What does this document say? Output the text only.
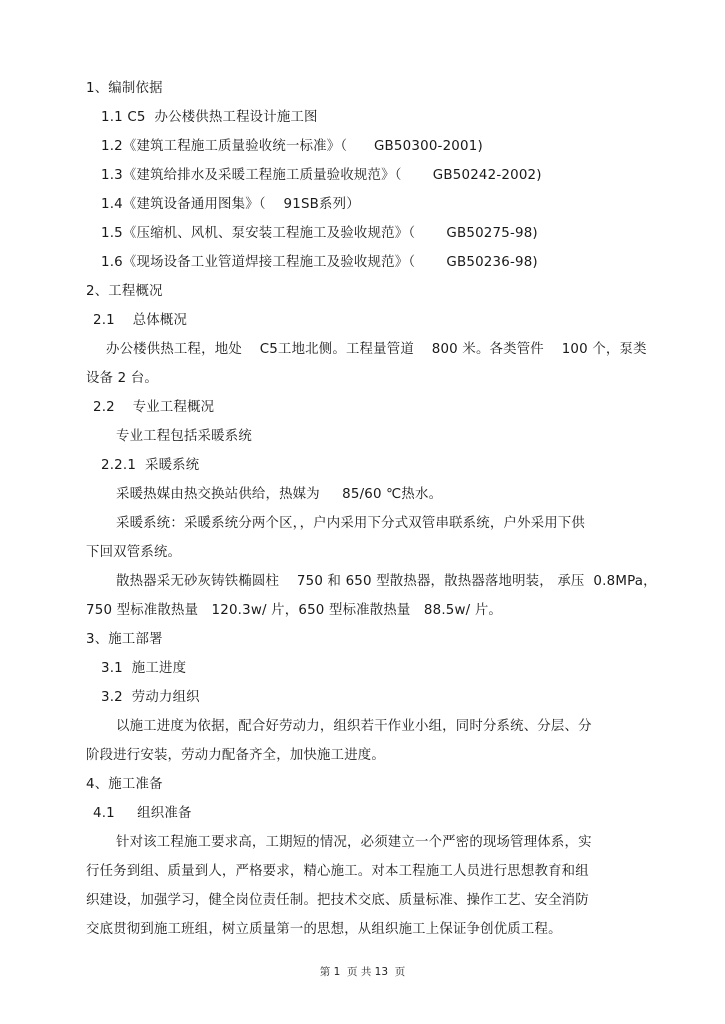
1、编制依据
1.1 C5  办公楼供热工程设计施工图
1.2《建筑工程施工质量验收统一标准》（      GB50300-2001)
1.3《建筑给排水及采暖工程施工质量验收规范》（       GB50242-2002)
1.4《建筑设备通用图集》（    91SB系列）
1.5《压缩机、风机、泵安装工程施工及验收规范》（       GB50275-98)
1.6《现场设备工业管道焊接工程施工及验收规范》（       GB50236-98)
2、工程概况
2.1    总体概况
办公楼供热工程，地处    C5工地北侧。工程量管道    800 米。各类管件    100 个，泵类
设备 2 台。
2.2    专业工程概况
专业工程包括采暖系统
2.2.1  采暖系统
采暖热媒由热交换站供给，热媒为     85/60 ℃热水。
采暖系统：采暖系统分两个区，，户内采用下分式双管串联系统，户外采用下供
下回双管系统。
散热器采无砂灰铸铁椭圆柱    750 和 650 型散热器，散热器落地明装， 承压  0.8MPa，
750 型标准散热量   120.3w/ 片，650 型标准散热量   88.5w/ 片。
3、施工部署
3.1  施工进度
3.2  劳动力组织
以施工进度为依据，配合好劳动力，组织若干作业小组，同时分系统、分层、分
阶段进行安装，劳动力配备齐全，加快施工进度。
4、施工准备
4.1     组织准备
针对该工程施工要求高，工期短的情况，必须建立一个严密的现场管理体系，实
行任务到组、质量到人，严格要求，精心施工。对本工程施工人员进行思想教育和组
织建设，加强学习，健全岗位责任制。把技术交底、质量标准、操作工艺、安全消防
交底贯彻到施工班组，树立质量第一的思想，从组织施工上保证争创优质工程。
第 1  页 共 13  页
